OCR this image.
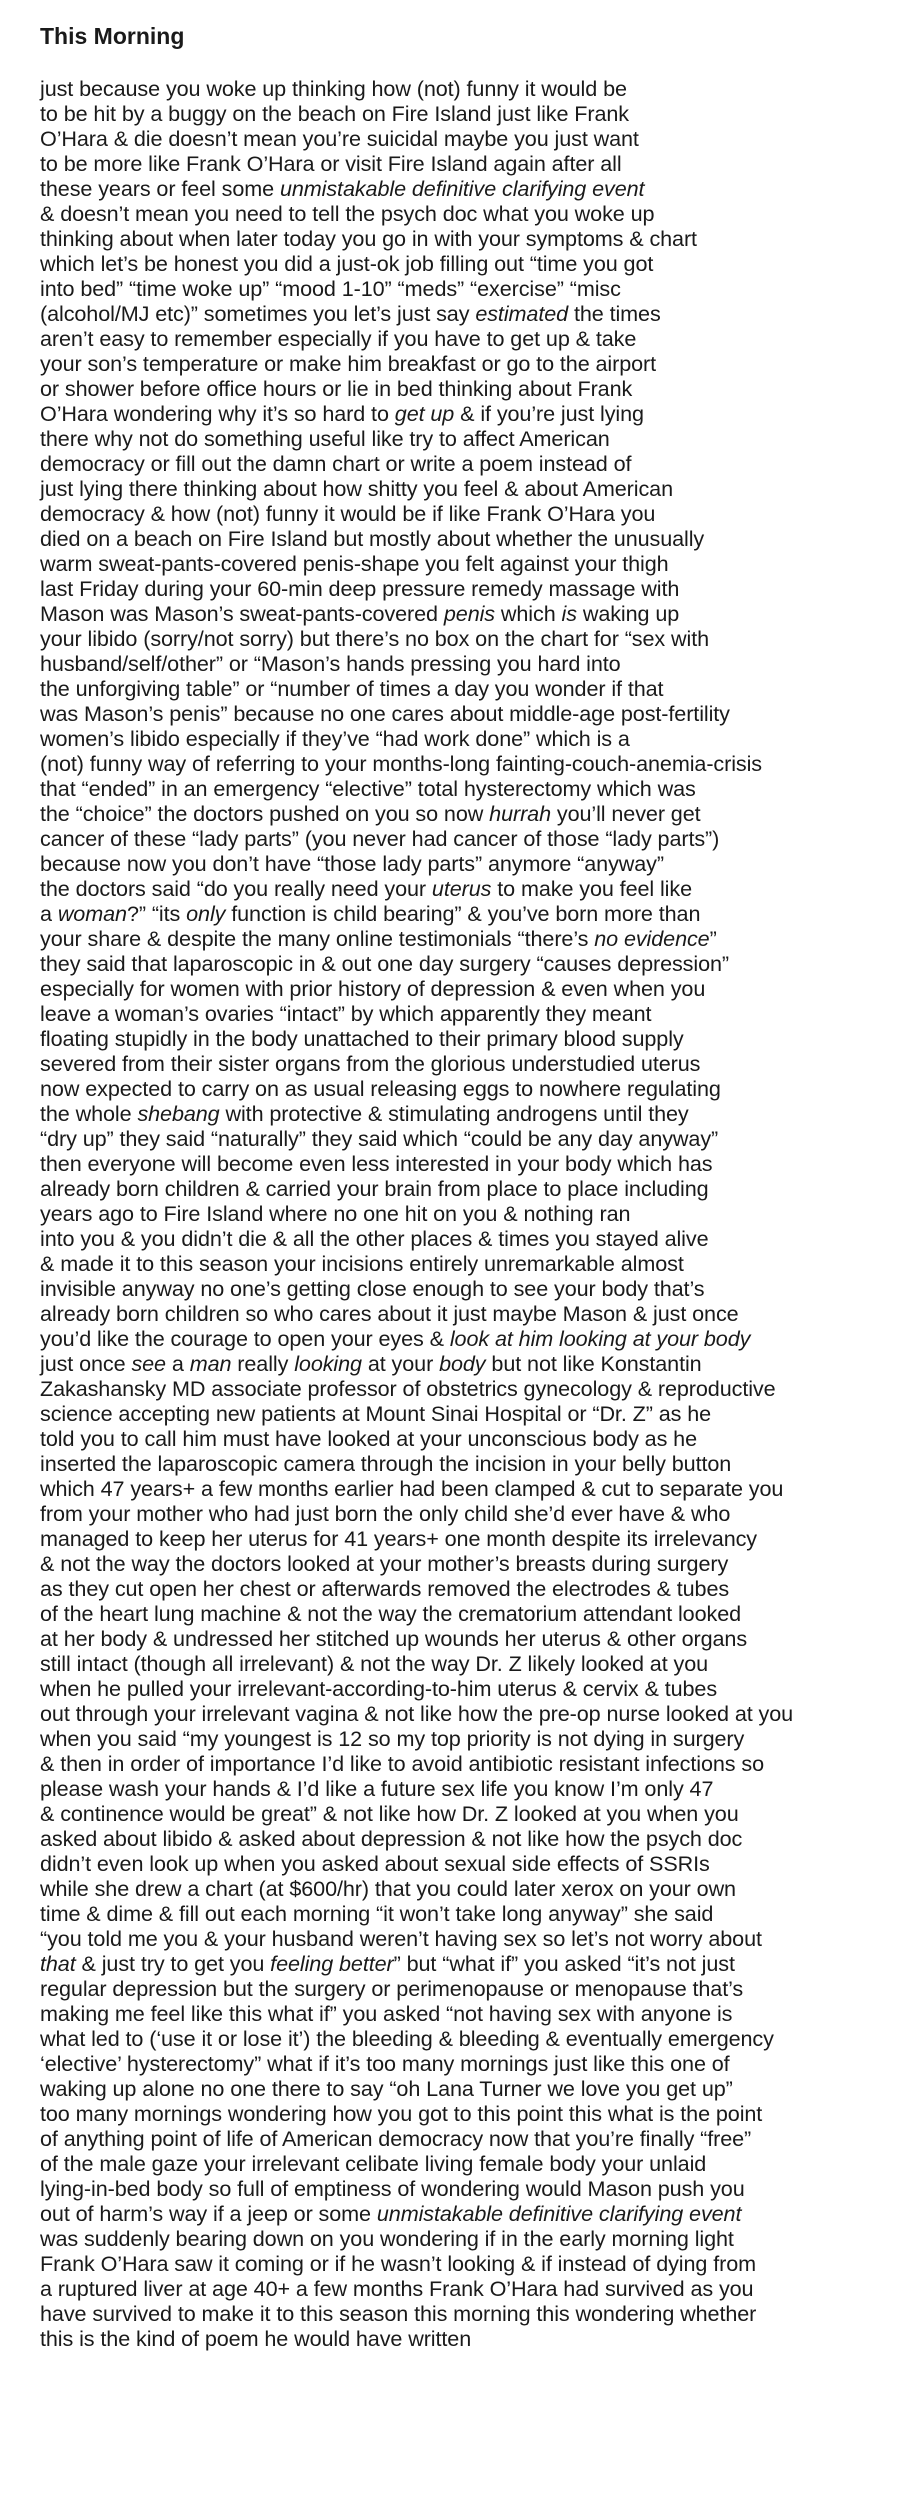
This Morning
just because you woke up thinking how (not) funny it would be
to be hit by a buggy on the beach on Fire Island just like Frank
O’Hara & die doesn’t mean you’re suicidal maybe you just want
to be more like Frank O’Hara or visit Fire Island again after all
these years or feel some unmistakable definitive clarifying event
& doesn’t mean you need to tell the psych doc what you woke up
thinking about when later today you go in with your symptoms & chart
which let’s be honest you did a just-ok job filling out “time you got
into bed” “time woke up” “mood 1-10” “meds” “exercise” “misc
(alcohol/MJ etc)” sometimes you let’s just say estimated the times
aren’t easy to remember especially if you have to get up & take
your son’s temperature or make him breakfast or go to the airport
or shower before office hours or lie in bed thinking about Frank
O’Hara wondering why it’s so hard to get up & if you’re just lying
there why not do something useful like try to affect American
democracy or fill out the damn chart or write a poem instead of
just lying there thinking about how shitty you feel & about American
democracy & how (not) funny it would be if like Frank O’Hara you
died on a beach on Fire Island but mostly about whether the unusually
warm sweat-pants-covered penis-shape you felt against your thigh
last Friday during your 60-min deep pressure remedy massage with
Mason was Mason’s sweat-pants-covered penis which is waking up
your libido (sorry/not sorry) but there’s no box on the chart for “sex with
husband/self/other” or “Mason’s hands pressing you hard into
the unforgiving table” or “number of times a day you wonder if that
was Mason’s penis” because no one cares about middle-age post-fertility
women’s libido especially if they’ve “had work done” which is a
(not) funny way of referring to your months-long fainting-couch-anemia-crisis
that “ended” in an emergency “elective” total hysterectomy which was
the “choice” the doctors pushed on you so now hurrah you’ll never get
cancer of these “lady parts” (you never had cancer of those “lady parts”)
because now you don’t have “those lady parts” anymore “anyway”
the doctors said “do you really need your uterus to make you feel like
a woman?” “its only function is child bearing” & you’ve born more than
your share & despite the many online testimonials “there’s no evidence”
they said that laparoscopic in & out one day surgery “causes depression”
especially for women with prior history of depression & even when you
leave a woman’s ovaries “intact” by which apparently they meant
floating stupidly in the body unattached to their primary blood supply
severed from their sister organs from the glorious understudied uterus
now expected to carry on as usual releasing eggs to nowhere regulating
the whole shebang with protective & stimulating androgens until they
“dry up” they said “naturally” they said which “could be any day anyway”
then everyone will become even less interested in your body which has
already born children & carried your brain from place to place including
years ago to Fire Island where no one hit on you & nothing ran
into you & you didn’t die & all the other places & times you stayed alive
& made it to this season your incisions entirely unremarkable almost
invisible anyway no one’s getting close enough to see your body that’s
already born children so who cares about it just maybe Mason & just once
you’d like the courage to open your eyes & look at him looking at your body
just once see a man really looking at your body but not like Konstantin
Zakashansky MD associate professor of obstetrics gynecology & reproductive
science accepting new patients at Mount Sinai Hospital or “Dr. Z” as he
told you to call him must have looked at your unconscious body as he
inserted the laparoscopic camera through the incision in your belly button
which 47 years+ a few months earlier had been clamped & cut to separate you
from your mother who had just born the only child she’d ever have & who
managed to keep her uterus for 41 years+ one month despite its irrelevancy
& not the way the doctors looked at your mother’s breasts during surgery
as they cut open her chest or afterwards removed the electrodes & tubes
of the heart lung machine & not the way the crematorium attendant looked
at her body & undressed her stitched up wounds her uterus & other organs
still intact (though all irrelevant) & not the way Dr. Z likely looked at you
when he pulled your irrelevant-according-to-him uterus & cervix & tubes
out through your irrelevant vagina & not like how the pre-op nurse looked at you
when you said “my youngest is 12 so my top priority is not dying in surgery
& then in order of importance I’d like to avoid antibiotic resistant infections so
please wash your hands & I’d like a future sex life you know I’m only 47
& continence would be great” & not like how Dr. Z looked at you when you
asked about libido & asked about depression & not like how the psych doc
didn’t even look up when you asked about sexual side effects of SSRIs
while she drew a chart (at $600/hr) that you could later xerox on your own
time & dime & fill out each morning “it won’t take long anyway” she said
“you told me you & your husband weren’t having sex so let’s not worry about
that & just try to get you feeling better” but “what if” you asked “it’s not just
regular depression but the surgery or perimenopause or menopause that’s
making me feel like this what if” you asked “not having sex with anyone is
what led to (‘use it or lose it’) the bleeding & bleeding & eventually emergency
‘elective’ hysterectomy” what if it’s too many mornings just like this one of
waking up alone no one there to say “oh Lana Turner we love you get up”
too many mornings wondering how you got to this point this what is the point
of anything point of life of American democracy now that you’re finally “free”
of the male gaze your irrelevant celibate living female body your unlaid
lying-in-bed body so full of emptiness of wondering would Mason push you
out of harm’s way if a jeep or some unmistakable definitive clarifying event
was suddenly bearing down on you wondering if in the early morning light
Frank O’Hara saw it coming or if he wasn’t looking & if instead of dying from
a ruptured liver at age 40+ a few months Frank O’Hara had survived as you
have survived to make it to this season this morning this wondering whether
this is the kind of poem he would have written
